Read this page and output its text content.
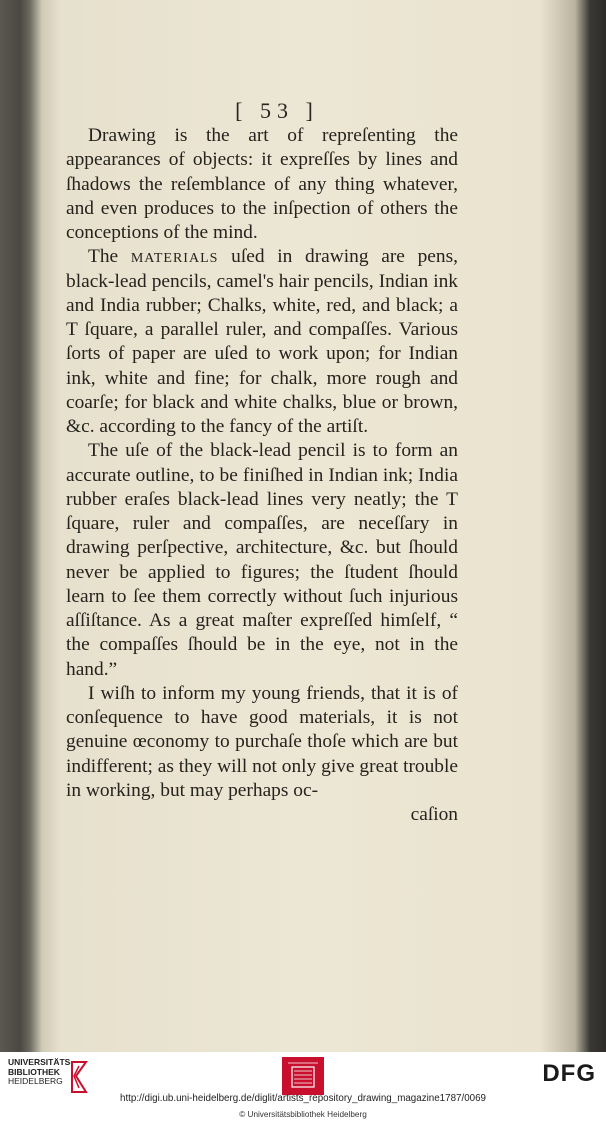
[ 53 ]

Drawing is the art of repreſenting the appearances of objects: it expreſſes by lines and ſhadows the reſemblance of any thing whatever, and even produces to the inſpection of others the conceptions of the mind.

The materials uſed in drawing are pens, black-lead pencils, camel's hair pencils, Indian ink and India rubber; Chalks, white, red, and black; a T ſquare, a parallel ruler, and compaſſes. Various ſorts of paper are uſed to work upon; for Indian ink, white and fine; for chalk, more rough and coarſe; for black and white chalks, blue or brown, &c. according to the fancy of the artiſt.

The uſe of the black-lead pencil is to form an accurate outline, to be finiſhed in Indian ink; India rubber eraſes black-lead lines very neatly; the T ſquare, ruler and compaſſes, are neceſſary in drawing perſpective, architecture, &c. but ſhould never be applied to figures; the ſtudent ſhould learn to ſee them correctly without ſuch injurious aſſiſtance. As a great maſter expreſſed himſelf, “ the compaſſes ſhould be in the eye, not in the hand.”

I wiſh to inform my young friends, that it is of conſequence to have good materials, it is not genuine œconomy to purchaſe thoſe which are but indifferent; as they will not only give great trouble in working, but may perhaps oc-

caſion

UNIVERSITÄTS-
BIBLIOTHEK
HEIDELBERG	DFG
http://digi.ub.uni-heidelberg.de/diglit/artists_repository_drawing_magazine1787/0069
© Universitätsbibliothek Heidelberg
